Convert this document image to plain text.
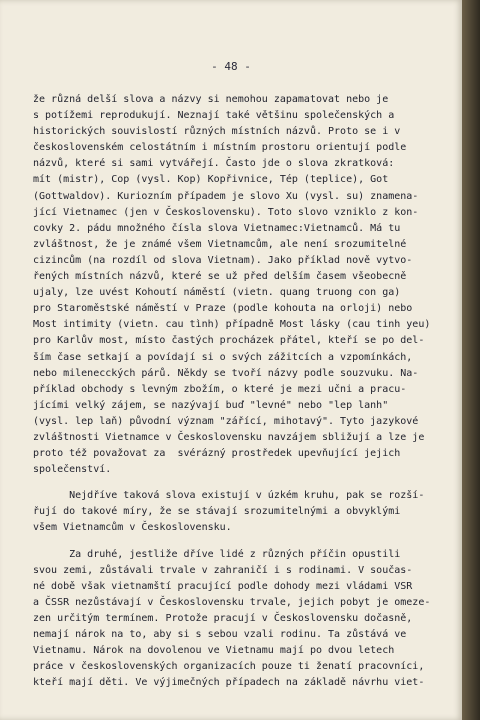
- 48 -
že různá delší slova a názvy si nemohou zapamatovat nebo je
s potížemi reprodukují. Neznají také většinu společenských a
historických souvislostí různých místních názvů. Proto se i v
československém celostátním i místním prostoru orientují podle
názvů, které si sami vytvářejí. Často jde o slova zkratková:
mít (mistr), Cop (vysl. Kop) Kopřivnice, Tép (teplice), Got
(Gottwaldov). Kuriozním případem je slovo Xu (vysl. su) znamena-
jící Vietnamec (jen v Československu). Toto slovo vzniklo z kon-
covky 2. pádu množného čísla slova Vietnamec:Vietnamců. Má tu
zvláštnost, že je známé všem Vietnamcům, ale není srozumitelné
cizincům (na rozdíl od slova Vietnam). Jako příklad nově vytvo-
řených místních názvů, které se už před delším časem všeobecně
ujaly, lze uvést Kohoutí náměstí (vietn. quang truong con ga)
pro Staroměstské náměstí v Praze (podle kohouta na orloji) nebo
Most intimity (vietn. cau tình) případně Most lásky (cau tinh yeu)
pro Karlův most, místo častých procházek přátel, kteří se po del-
ším čase setkají a povídají si o svých zážitcích a vzpomínkách,
nebo milenecckých párů. Někdy se tvoří názvy podle souzvuku. Na-
příklad obchody s levným zbožím, o které je mezi učni a pracu-
jícími velký zájem, se nazývají buď "levné" nebo "lep lanh"
(vysl. lep laň) původní význam "zářící, mihotavý". Tyto jazykové
zvláštnosti Vietnamce v Československu navzájem sbližují a lze je
proto též považovat za  svérázný prostředek upevňující jejich
společenství.
Nejdříve taková slova existují v úzkém kruhu, pak se rozší-
řují do takové míry, že se stávají srozumitelnými a obvyklými
všem Vietnamcům v Československu.
Za druhé, jestliže dříve lidé z různých příčin opustili
svou zemi, zůstávali trvale v zahraničí i s rodinami. V součas-
né době však vietnamští pracující podle dohody mezi vládami VSR
a ČSSR nezůstávají v Československu trvale, jejich pobyt je omeze-
zen určitým termínem. Protože pracují v Československu dočasně,
nemají nárok na to, aby si s sebou vzali rodinu. Ta zůstává ve
Vietnamu. Nárok na dovolenou ve Vietnamu mají po dvou letech
práce v československých organizacích pouze ti ženatí pracovníci,
kteří mají děti. Ve výjimečných případech na základě návrhu viet-
